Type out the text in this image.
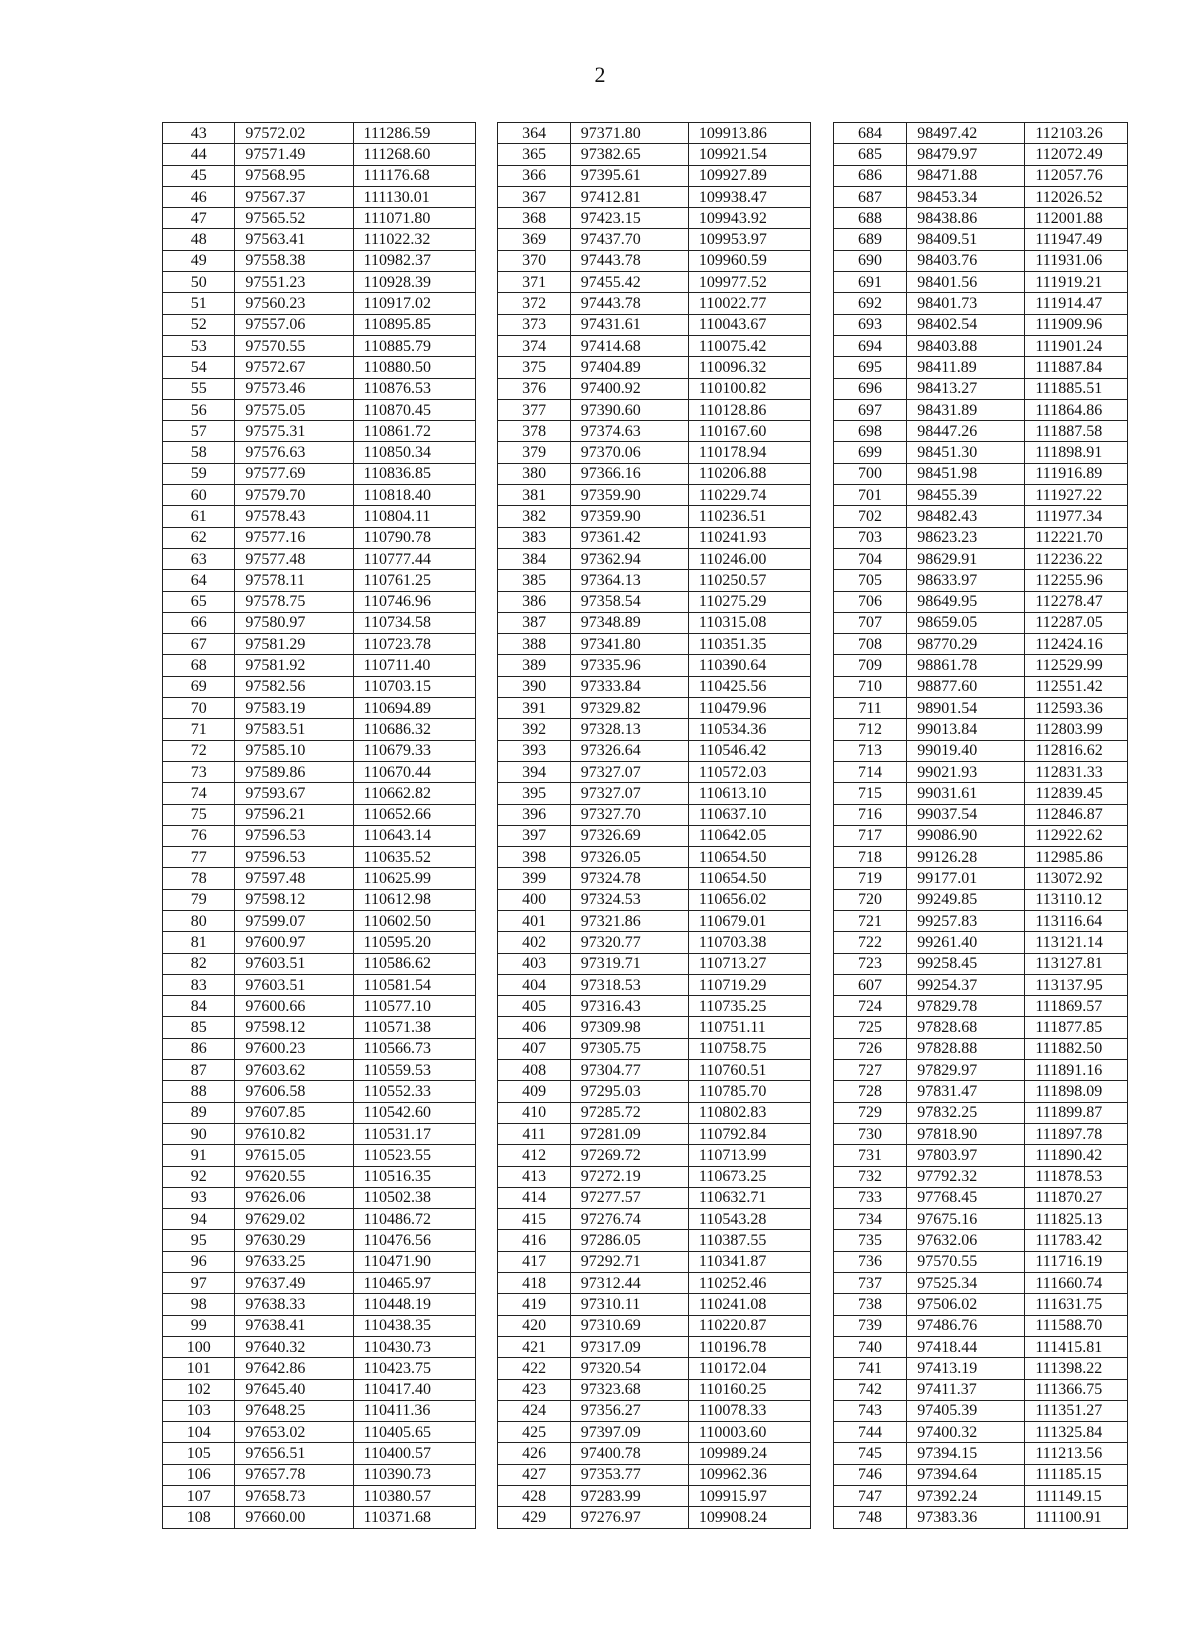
2
43	97572.02	111286.59		364	97371.80	109913.86		684	98497.42	112103.26
44	97571.49	111268.60		365	97382.65	109921.54		685	98479.97	112072.49
45	97568.95	111176.68		366	97395.61	109927.89		686	98471.88	112057.76
46	97567.37	111130.01		367	97412.81	109938.47		687	98453.34	112026.52
47	97565.52	111071.80		368	97423.15	109943.92		688	98438.86	112001.88
48	97563.41	111022.32		369	97437.70	109953.97		689	98409.51	111947.49
49	97558.38	110982.37		370	97443.78	109960.59		690	98403.76	111931.06
50	97551.23	110928.39		371	97455.42	109977.52		691	98401.56	111919.21
51	97560.23	110917.02		372	97443.78	110022.77		692	98401.73	111914.47
52	97557.06	110895.85		373	97431.61	110043.67		693	98402.54	111909.96
53	97570.55	110885.79		374	97414.68	110075.42		694	98403.88	111901.24
54	97572.67	110880.50		375	97404.89	110096.32		695	98411.89	111887.84
55	97573.46	110876.53		376	97400.92	110100.82		696	98413.27	111885.51
56	97575.05	110870.45		377	97390.60	110128.86		697	98431.89	111864.86
57	97575.31	110861.72		378	97374.63	110167.60		698	98447.26	111887.58
58	97576.63	110850.34		379	97370.06	110178.94		699	98451.30	111898.91
59	97577.69	110836.85		380	97366.16	110206.88		700	98451.98	111916.89
60	97579.70	110818.40		381	97359.90	110229.74		701	98455.39	111927.22
61	97578.43	110804.11		382	97359.90	110236.51		702	98482.43	111977.34
62	97577.16	110790.78		383	97361.42	110241.93		703	98623.23	112221.70
63	97577.48	110777.44		384	97362.94	110246.00		704	98629.91	112236.22
64	97578.11	110761.25		385	97364.13	110250.57		705	98633.97	112255.96
65	97578.75	110746.96		386	97358.54	110275.29		706	98649.95	112278.47
66	97580.97	110734.58		387	97348.89	110315.08		707	98659.05	112287.05
67	97581.29	110723.78		388	97341.80	110351.35		708	98770.29	112424.16
68	97581.92	110711.40		389	97335.96	110390.64		709	98861.78	112529.99
69	97582.56	110703.15		390	97333.84	110425.56		710	98877.60	112551.42
70	97583.19	110694.89		391	97329.82	110479.96		711	98901.54	112593.36
71	97583.51	110686.32		392	97328.13	110534.36		712	99013.84	112803.99
72	97585.10	110679.33		393	97326.64	110546.42		713	99019.40	112816.62
73	97589.86	110670.44		394	97327.07	110572.03		714	99021.93	112831.33
74	97593.67	110662.82		395	97327.07	110613.10		715	99031.61	112839.45
75	97596.21	110652.66		396	97327.70	110637.10		716	99037.54	112846.87
76	97596.53	110643.14		397	97326.69	110642.05		717	99086.90	112922.62
77	97596.53	110635.52		398	97326.05	110654.50		718	99126.28	112985.86
78	97597.48	110625.99		399	97324.78	110654.50		719	99177.01	113072.92
79	97598.12	110612.98		400	97324.53	110656.02		720	99249.85	113110.12
80	97599.07	110602.50		401	97321.86	110679.01		721	99257.83	113116.64
81	97600.97	110595.20		402	97320.77	110703.38		722	99261.40	113121.14
82	97603.51	110586.62		403	97319.71	110713.27		723	99258.45	113127.81
83	97603.51	110581.54		404	97318.53	110719.29		607	99254.37	113137.95
84	97600.66	110577.10		405	97316.43	110735.25		724	97829.78	111869.57
85	97598.12	110571.38		406	97309.98	110751.11		725	97828.68	111877.85
86	97600.23	110566.73		407	97305.75	110758.75		726	97828.88	111882.50
87	97603.62	110559.53		408	97304.77	110760.51		727	97829.97	111891.16
88	97606.58	110552.33		409	97295.03	110785.70		728	97831.47	111898.09
89	97607.85	110542.60		410	97285.72	110802.83		729	97832.25	111899.87
90	97610.82	110531.17		411	97281.09	110792.84		730	97818.90	111897.78
91	97615.05	110523.55		412	97269.72	110713.99		731	97803.97	111890.42
92	97620.55	110516.35		413	97272.19	110673.25		732	97792.32	111878.53
93	97626.06	110502.38		414	97277.57	110632.71		733	97768.45	111870.27
94	97629.02	110486.72		415	97276.74	110543.28		734	97675.16	111825.13
95	97630.29	110476.56		416	97286.05	110387.55		735	97632.06	111783.42
96	97633.25	110471.90		417	97292.71	110341.87		736	97570.55	111716.19
97	97637.49	110465.97		418	97312.44	110252.46		737	97525.34	111660.74
98	97638.33	110448.19		419	97310.11	110241.08		738	97506.02	111631.75
99	97638.41	110438.35		420	97310.69	110220.87		739	97486.76	111588.70
100	97640.32	110430.73		421	97317.09	110196.78		740	97418.44	111415.81
101	97642.86	110423.75		422	97320.54	110172.04		741	97413.19	111398.22
102	97645.40	110417.40		423	97323.68	110160.25		742	97411.37	111366.75
103	97648.25	110411.36		424	97356.27	110078.33		743	97405.39	111351.27
104	97653.02	110405.65		425	97397.09	110003.60		744	97400.32	111325.84
105	97656.51	110400.57		426	97400.78	109989.24		745	97394.15	111213.56
106	97657.78	110390.73		427	97353.77	109962.36		746	97394.64	111185.15
107	97658.73	110380.57		428	97283.99	109915.97		747	97392.24	111149.15
108	97660.00	110371.68		429	97276.97	109908.24		748	97383.36	111100.91
